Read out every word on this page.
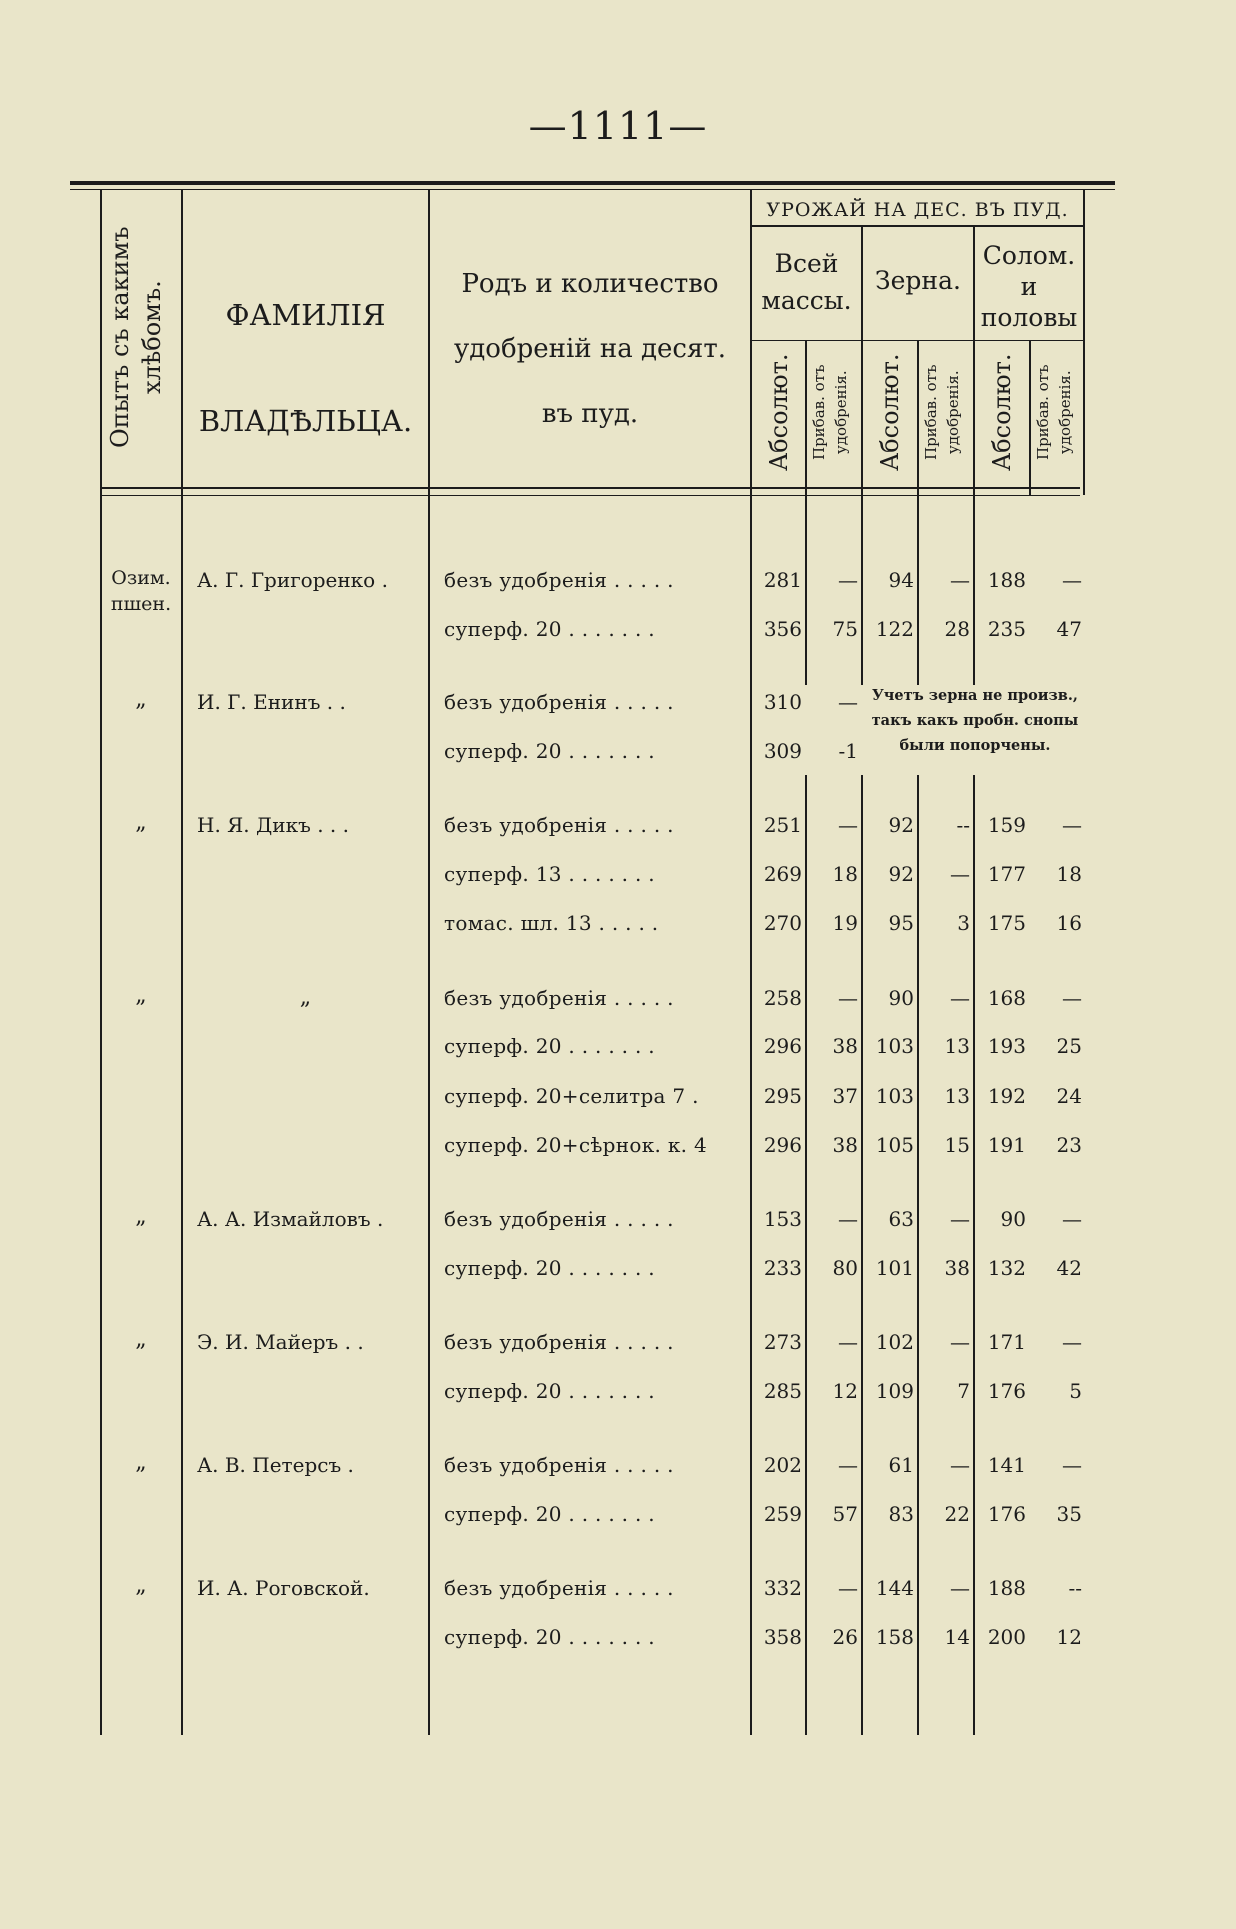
—1111—
Опытъ съ какимъ хлѣбомъ.	ФАМИЛІЯ
ВЛАДѢЛЬЦА.
Родъ и количество
удобреній на десят.
въ пуд.
УРОЖАЙ НА ДЕС. ВЪ ПУД.
Всей
массы.
Зерна.
Солом.
и
половы
Абсолют.	Прибав. отъ удобренія.	Абсолют.	Прибав. отъ удобренія.	Абсолют.	Прибав. отъ удобренія.
Озим.
пшен.
А. Г. Григоренко .	безъ удобренія . . . . .	281	—	94	— 188	—
суперф. 20 . . . . . . .	356	75 122	28 235	47
„	И. Г. Енинъ . .	безъ удобренія . . . . .	310	—
суперф. 20 . . . . . . .	309	-1
„	Н. Я. Дикъ . . .	безъ удобренія . . . . .	251	—	92	-- 159	—
суперф. 13 . . . . . . .	269	18	92	— 177	18
томас. шл. 13 . . . . .	270	19	95	3 175	16
„	„	безъ удобренія . . . . .	258	—	90	— 168	—
суперф. 20 . . . . . . .	296	38 103	13 193	25
суперф. 20+селитра 7 .	295	37 103	13 192	24
суперф. 20+сѣрнок. к. 4	296	38 105	15 191	23
„	А. А. Измайловъ .	безъ удобренія . . . . .	153	—	63	—	90	—
суперф. 20 . . . . . . .	233	80 101	38 132	42
„	Э. И. Майеръ . .	безъ удобренія . . . . .	273	— 102	— 171	—
суперф. 20 . . . . . . .	285	12 109	7 176	5
„	А. В. Петерсъ .	безъ удобренія . . . . .	202	—	61	— 141	—
суперф. 20 . . . . . . .	259	57	83	22 176	35
„	И. А. Роговской.	безъ удобренія . . . . .	332	— 144	— 188	--
суперф. 20 . . . . . . .	358	26 158	14 200	12
Учетъ зерна не произв.,
такъ какъ пробн. снопы
были попорчены.
